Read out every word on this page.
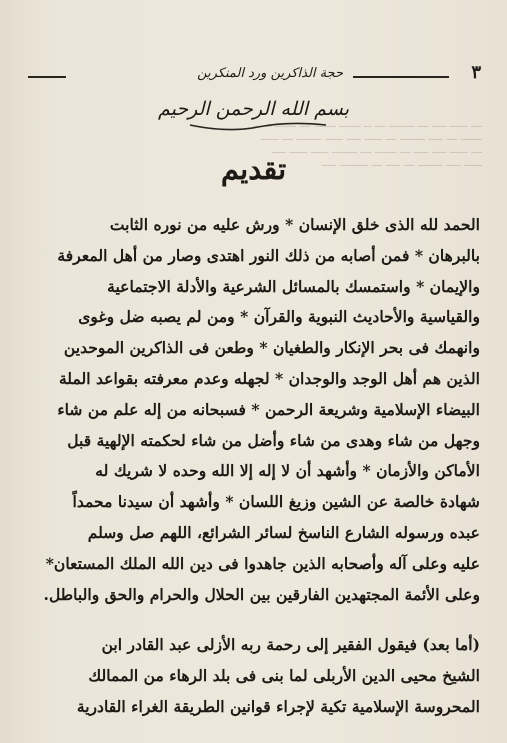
ـــ ـــــ ــــ ـــ ـــــــ ـــ ــ ــــــ ــــــ ـــ ــــــ ـــــ
ــــــ ـــ ــــ ـــــــ ـــ ـــــ ــــ ـــــ ـــــــ ـــ ـــــ
ـــ ـــــ ــــ ــــ ـــ ــــــ ـــ ـــــــ ـــــ ـــــ ــــ
ـــــ ــــ ـــــــ ـــ ــــ ـــ ــــــــ ــــ
٣
حجة الذاكرين ورد المنكرين
بسم الله الرحمن الرحيم
تقديم
الحمد لله الذى خلق الإنسان * ورش عليه من نوره الثابت
بالبرهان * فمن أصابه من ذلك النور اهتدى وصار من أهل المعرفة
والإيمان * واستمسك بالمسائل الشرعية والأدلة الاجتماعية
والقياسية والأحاديث النبوية والقرآن * ومن لم يصبه ضل وغوى
وانهمك فى بحر الإنكار والطغيان * وطعن فى الذاكرين الموحدين
الذين هم أهل الوجد والوجدان * لجهله وعدم معرفته بقواعد الملة
البيضاء الإسلامية وشريعة الرحمن * فسبحانه من إله علم من شاء
وجهل من شاء وهدى من شاء وأضل من شاء لحكمته الإلهية قبل
الأماكن والأزمان * وأشهد أن لا إله إلا الله وحده لا شريك له
شهادة خالصة عن الشين وزيغ اللسان * وأشهد أن سيدنا محمداً
عبده ورسوله الشارع الناسخ لسائر الشرائع، اللهم صل وسلم
عليه وعلى آله وأصحابه الذين جاهدوا فى دين الله الملك المستعان*
وعلى الأئمة المجتهدين الفارقين بين الحلال والحرام والحق والباطل.
(أما بعد) فيقول الفقير إلى رحمة ربه الأزلى عبد القادر ابن
الشيخ محيى الدين الأربلى لما بنى فى بلد الرهاء من الممالك
المحروسة الإسلامية تكية لإجراء قوانين الطريقة الغراء القادرية
